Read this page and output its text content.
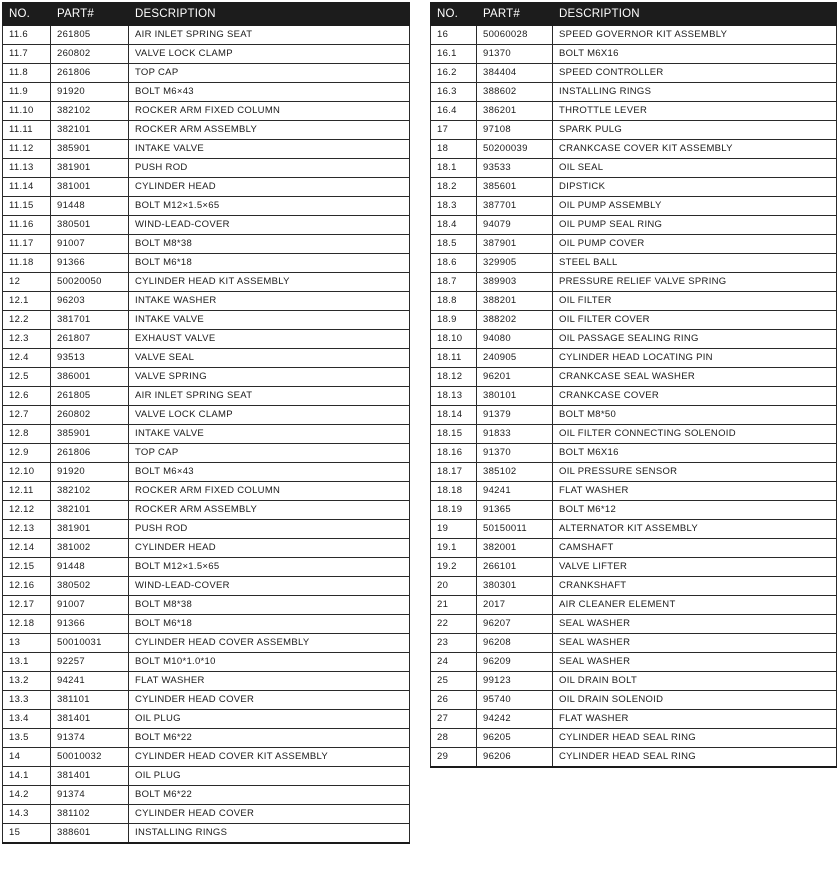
NO.	PART#	DESCRIPTION
11.6	261805	AIR INLET SPRING SEAT
11.7	260802	VALVE LOCK CLAMP
11.8	261806	TOP CAP
11.9	91920	BOLT M6×43
11.10	382102	ROCKER ARM FIXED COLUMN
11.11	382101	ROCKER ARM ASSEMBLY
11.12	385901	INTAKE VALVE
11.13	381901	PUSH ROD
11.14	381001	CYLINDER HEAD
11.15	91448	BOLT M12×1.5×65
11.16	380501	WIND-LEAD-COVER
11.17	91007	BOLT M8*38
11.18	91366	BOLT M6*18
12	50020050	CYLINDER HEAD KIT ASSEMBLY
12.1	96203	INTAKE WASHER
12.2	381701	INTAKE VALVE
12.3	261807	EXHAUST VALVE
12.4	93513	VALVE SEAL
12.5	386001	VALVE SPRING
12.6	261805	AIR INLET SPRING SEAT
12.7	260802	VALVE LOCK CLAMP
12.8	385901	INTAKE VALVE
12.9	261806	TOP CAP
12.10	91920	BOLT M6×43
12.11	382102	ROCKER ARM FIXED COLUMN
12.12	382101	ROCKER ARM ASSEMBLY
12.13	381901	PUSH ROD
12.14	381002	CYLINDER HEAD
12.15	91448	BOLT M12×1.5×65
12.16	380502	WIND-LEAD-COVER
12.17	91007	BOLT M8*38
12.18	91366	BOLT M6*18
13	50010031	CYLINDER HEAD COVER ASSEMBLY
13.1	92257	BOLT M10*1.0*10
13.2	94241	FLAT WASHER
13.3	381101	CYLINDER HEAD COVER
13.4	381401	OIL PLUG
13.5	91374	BOLT M6*22
14	50010032	CYLINDER HEAD COVER KIT ASSEMBLY
14.1	381401	OIL PLUG
14.2	91374	BOLT M6*22
14.3	381102	CYLINDER HEAD COVER
15	388601	INSTALLING RINGS
NO.	PART#	DESCRIPTION
16	50060028	SPEED GOVERNOR KIT ASSEMBLY
16.1	91370	BOLT M6X16
16.2	384404	SPEED CONTROLLER
16.3	388602	INSTALLING RINGS
16.4	386201	THROTTLE LEVER
17	97108	SPARK PULG
18	50200039	CRANKCASE COVER KIT ASSEMBLY
18.1	93533	OIL SEAL
18.2	385601	DIPSTICK
18.3	387701	OIL PUMP ASSEMBLY
18.4	94079	OIL PUMP SEAL RING
18.5	387901	OIL PUMP COVER
18.6	329905	STEEL BALL
18.7	389903	PRESSURE RELIEF VALVE SPRING
18.8	388201	OIL FILTER
18.9	388202	OIL FILTER COVER
18.10	94080	OIL PASSAGE SEALING RING
18.11	240905	CYLINDER HEAD LOCATING PIN
18.12	96201	CRANKCASE SEAL WASHER
18.13	380101	CRANKCASE COVER
18.14	91379	BOLT M8*50
18.15	91833	OIL FILTER CONNECTING SOLENOID
18.16	91370	BOLT M6X16
18.17	385102	OIL PRESSURE SENSOR
18.18	94241	FLAT WASHER
18.19	91365	BOLT M6*12
19	50150011	ALTERNATOR KIT ASSEMBLY
19.1	382001	CAMSHAFT
19.2	266101	VALVE LIFTER
20	380301	CRANKSHAFT
21	2017	AIR CLEANER ELEMENT
22	96207	SEAL WASHER
23	96208	SEAL WASHER
24	96209	SEAL WASHER
25	99123	OIL DRAIN BOLT
26	95740	OIL DRAIN SOLENOID
27	94242	FLAT WASHER
28	96205	CYLINDER HEAD SEAL RING
29	96206	CYLINDER HEAD SEAL RING
